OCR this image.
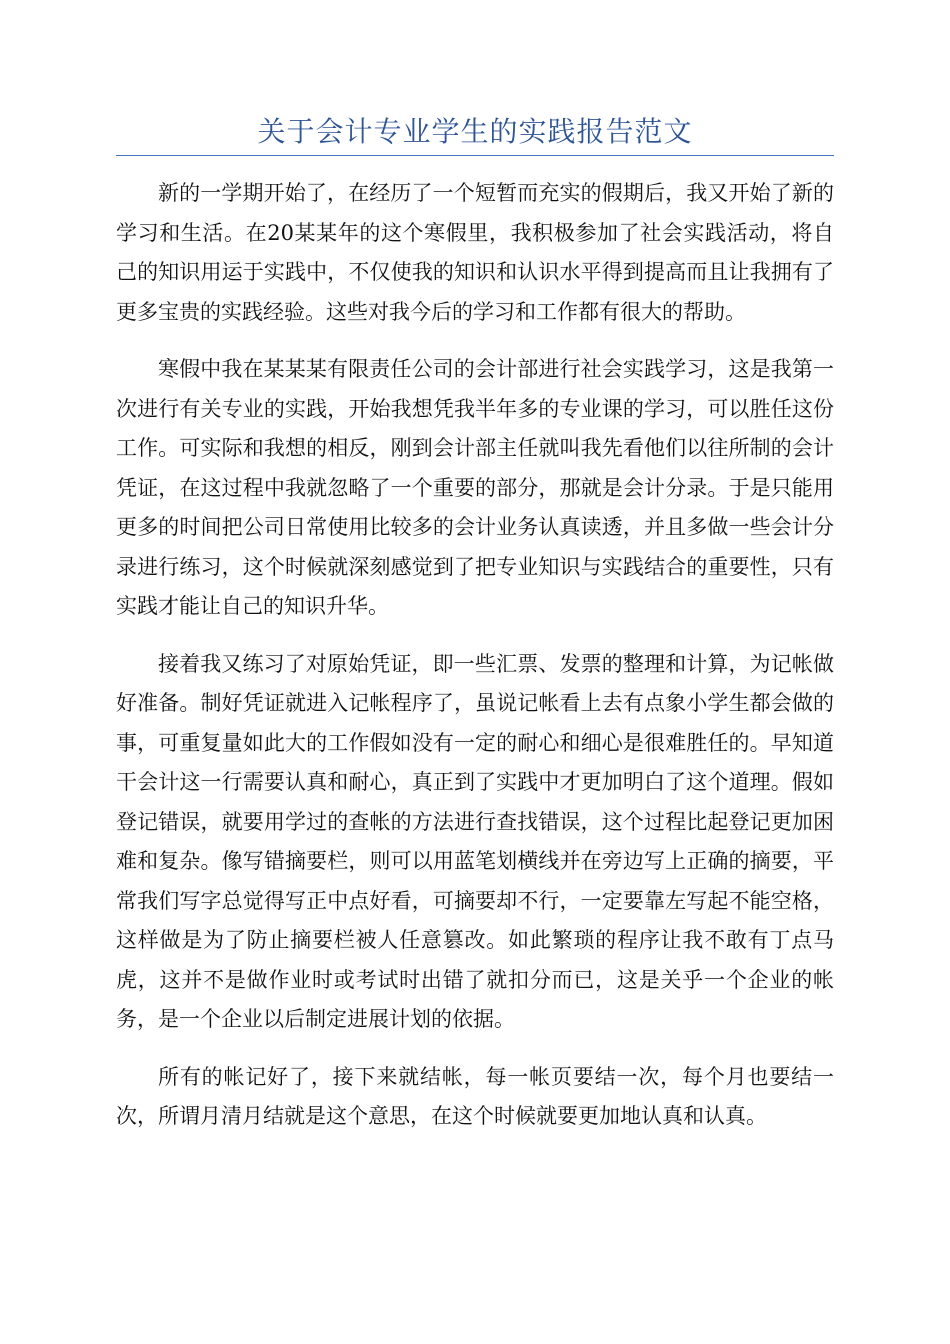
关于会计专业学生的实践报告范文

新的一学期开始了，在经历了一个短暂而充实的假期后，我又开始了新的学习和生活。在20某某年的这个寒假里，我积极参加了社会实践活动，将自己的知识用运于实践中，不仅使我的知识和认识水平得到提高而且让我拥有了更多宝贵的实践经验。这些对我今后的学习和工作都有很大的帮助。

寒假中我在某某某有限责任公司的会计部进行社会实践学习，这是我第一次进行有关专业的实践，开始我想凭我半年多的专业课的学习，可以胜任这份工作。可实际和我想的相反，刚到会计部主任就叫我先看他们以往所制的会计凭证，在这过程中我就忽略了一个重要的部分，那就是会计分录。于是只能用更多的时间把公司日常使用比较多的会计业务认真读透，并且多做一些会计分录进行练习，这个时候就深刻感觉到了把专业知识与实践结合的重要性，只有实践才能让自己的知识升华。

接着我又练习了对原始凭证，即一些汇票、发票的整理和计算，为记帐做好准备。制好凭证就进入记帐程序了，虽说记帐看上去有点象小学生都会做的事，可重复量如此大的工作假如没有一定的耐心和细心是很难胜任的。早知道干会计这一行需要认真和耐心，真正到了实践中才更加明白了这个道理。假如登记错误，就要用学过的查帐的方法进行查找错误，这个过程比起登记更加困难和复杂。像写错摘要栏，则可以用蓝笔划横线并在旁边写上正确的摘要，平常我们写字总觉得写正中点好看，可摘要却不行，一定要靠左写起不能空格，这样做是为了防止摘要栏被人任意篡改。如此繁琐的程序让我不敢有丁点马虎，这并不是做作业时或考试时出错了就扣分而已，这是关乎一个企业的帐务，是一个企业以后制定进展计划的依据。

所有的帐记好了，接下来就结帐，每一帐页要结一次，每个月也要结一次，所谓月清月结就是这个意思，在这个时候就要更加地认真和认真。
